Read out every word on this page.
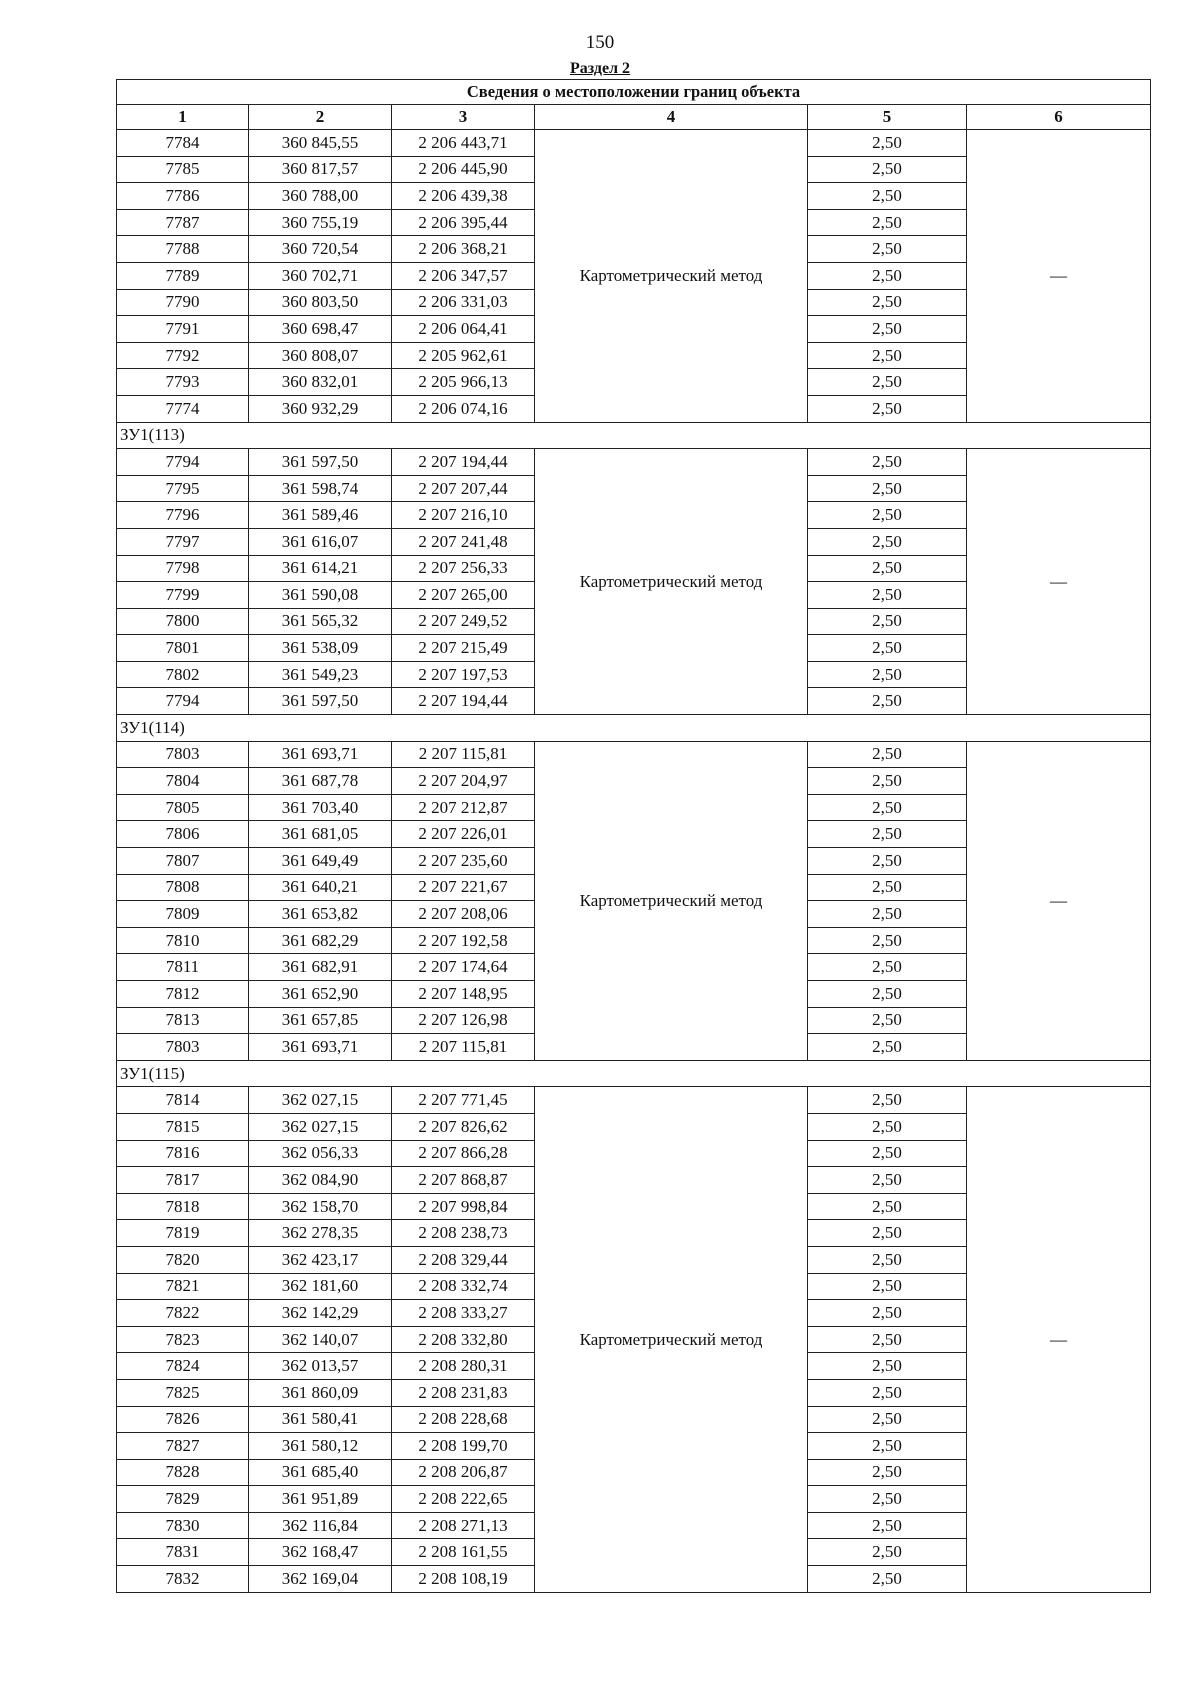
150
Раздел 2
Сведения о местоположении границ объекта					
1	2	3	4	5	6
7784	360 845,55	2 206 443,71	Картометрический метод	2,50	—
7785	360 817,57	2 206 445,90		2,50	
7786	360 788,00	2 206 439,38		2,50	
7787	360 755,19	2 206 395,44		2,50	
7788	360 720,54	2 206 368,21		2,50	
7789	360 702,71	2 206 347,57		2,50	
7790	360 803,50	2 206 331,03		2,50	
7791	360 698,47	2 206 064,41		2,50	
7792	360 808,07	2 205 962,61		2,50	
7793	360 832,01	2 205 966,13		2,50	
7774	360 932,29	2 206 074,16		2,50	
ЗУ1(113)					
7794	361 597,50	2 207 194,44	Картометрический метод	2,50	—
7795	361 598,74	2 207 207,44		2,50	
7796	361 589,46	2 207 216,10		2,50	
7797	361 616,07	2 207 241,48		2,50	
7798	361 614,21	2 207 256,33		2,50	
7799	361 590,08	2 207 265,00		2,50	
7800	361 565,32	2 207 249,52		2,50	
7801	361 538,09	2 207 215,49		2,50	
7802	361 549,23	2 207 197,53		2,50	
7794	361 597,50	2 207 194,44		2,50	
ЗУ1(114)					
7803	361 693,71	2 207 115,81	Картометрический метод	2,50	—
7804	361 687,78	2 207 204,97		2,50	
7805	361 703,40	2 207 212,87		2,50	
7806	361 681,05	2 207 226,01		2,50	
7807	361 649,49	2 207 235,60		2,50	
7808	361 640,21	2 207 221,67		2,50	
7809	361 653,82	2 207 208,06		2,50	
7810	361 682,29	2 207 192,58		2,50	
7811	361 682,91	2 207 174,64		2,50	
7812	361 652,90	2 207 148,95		2,50	
7813	361 657,85	2 207 126,98		2,50	
7803	361 693,71	2 207 115,81		2,50	
ЗУ1(115)					
7814	362 027,15	2 207 771,45	Картометрический метод	2,50	—
7815	362 027,15	2 207 826,62		2,50	
7816	362 056,33	2 207 866,28		2,50	
7817	362 084,90	2 207 868,87		2,50	
7818	362 158,70	2 207 998,84		2,50	
7819	362 278,35	2 208 238,73		2,50	
7820	362 423,17	2 208 329,44		2,50	
7821	362 181,60	2 208 332,74		2,50	
7822	362 142,29	2 208 333,27		2,50	
7823	362 140,07	2 208 332,80		2,50	
7824	362 013,57	2 208 280,31		2,50	
7825	361 860,09	2 208 231,83		2,50	
7826	361 580,41	2 208 228,68		2,50	
7827	361 580,12	2 208 199,70		2,50	
7828	361 685,40	2 208 206,87		2,50	
7829	361 951,89	2 208 222,65		2,50	
7830	362 116,84	2 208 271,13		2,50	
7831	362 168,47	2 208 161,55		2,50	
7832	362 169,04	2 208 108,19		2,50	
